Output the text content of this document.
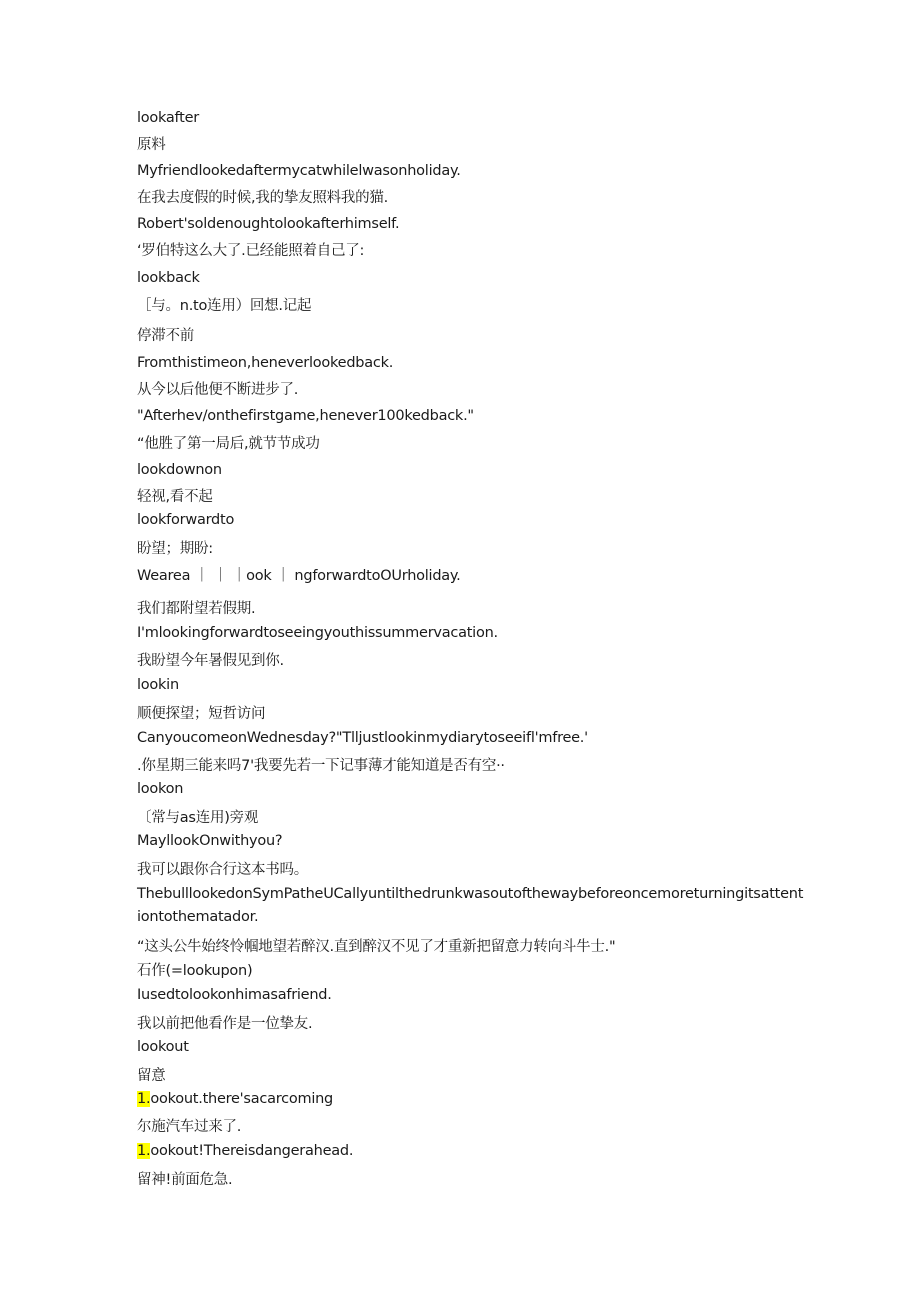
lookafter

原料

Myfriendlookedaftermycatwhilelwasonholiday.

在我去度假的时候,我的挚友照料我的猫.

Robert'soldenoughtolookafterhimself.

‘罗伯特这么大了.已经能照着自己了:

lookback

［与。n.to连用）回想.记起

停滞不前

Fromthistimeon,heneverlookedback.

从今以后他便不断进步了.

"Afterhev/onthefirstgame,henever100kedback."

“他胜了第一局后,就节节成功

lookdownon

轻视,看不起

lookforwardto

盼望；期盼:

Wearea ｜ ｜ ｜ook ｜ ngforwardtoOUrholiday.

我们都附望若假期.

I'mlookingforwardtoseeingyouthissummervacation.

我盼望今年暑假见到你.

lookin

顺便探望；短哲访问

CanyoucomeonWednesday?"Tlljustlookinmydiarytoseeifl'mfree.'

.你星期三能来吗7'我要先若一下记事薄才能知道是否有空··

lookon

〔常与as连用)旁观

MayllookOnwithyou?

我可以跟你合行这本书吗。

ThebulllookedonSymPatheUCallyuntilthedrunkwasoutofthewaybeforeoncemoreturningitsattent

iontothematador.

“这头公牛始终怜帼地望若醉汉.直到醉汉不见了才重新把留意力转向斗牛士."

石作(=lookupon)

Iusedtolookonhimasafriend.

我以前把他看作是一位挚友.

lookout

留意

1.ookout.there'sacarcoming

尔施汽车过来了.

1.ookout!Thereisdangerahead.

留神!前面危急.
